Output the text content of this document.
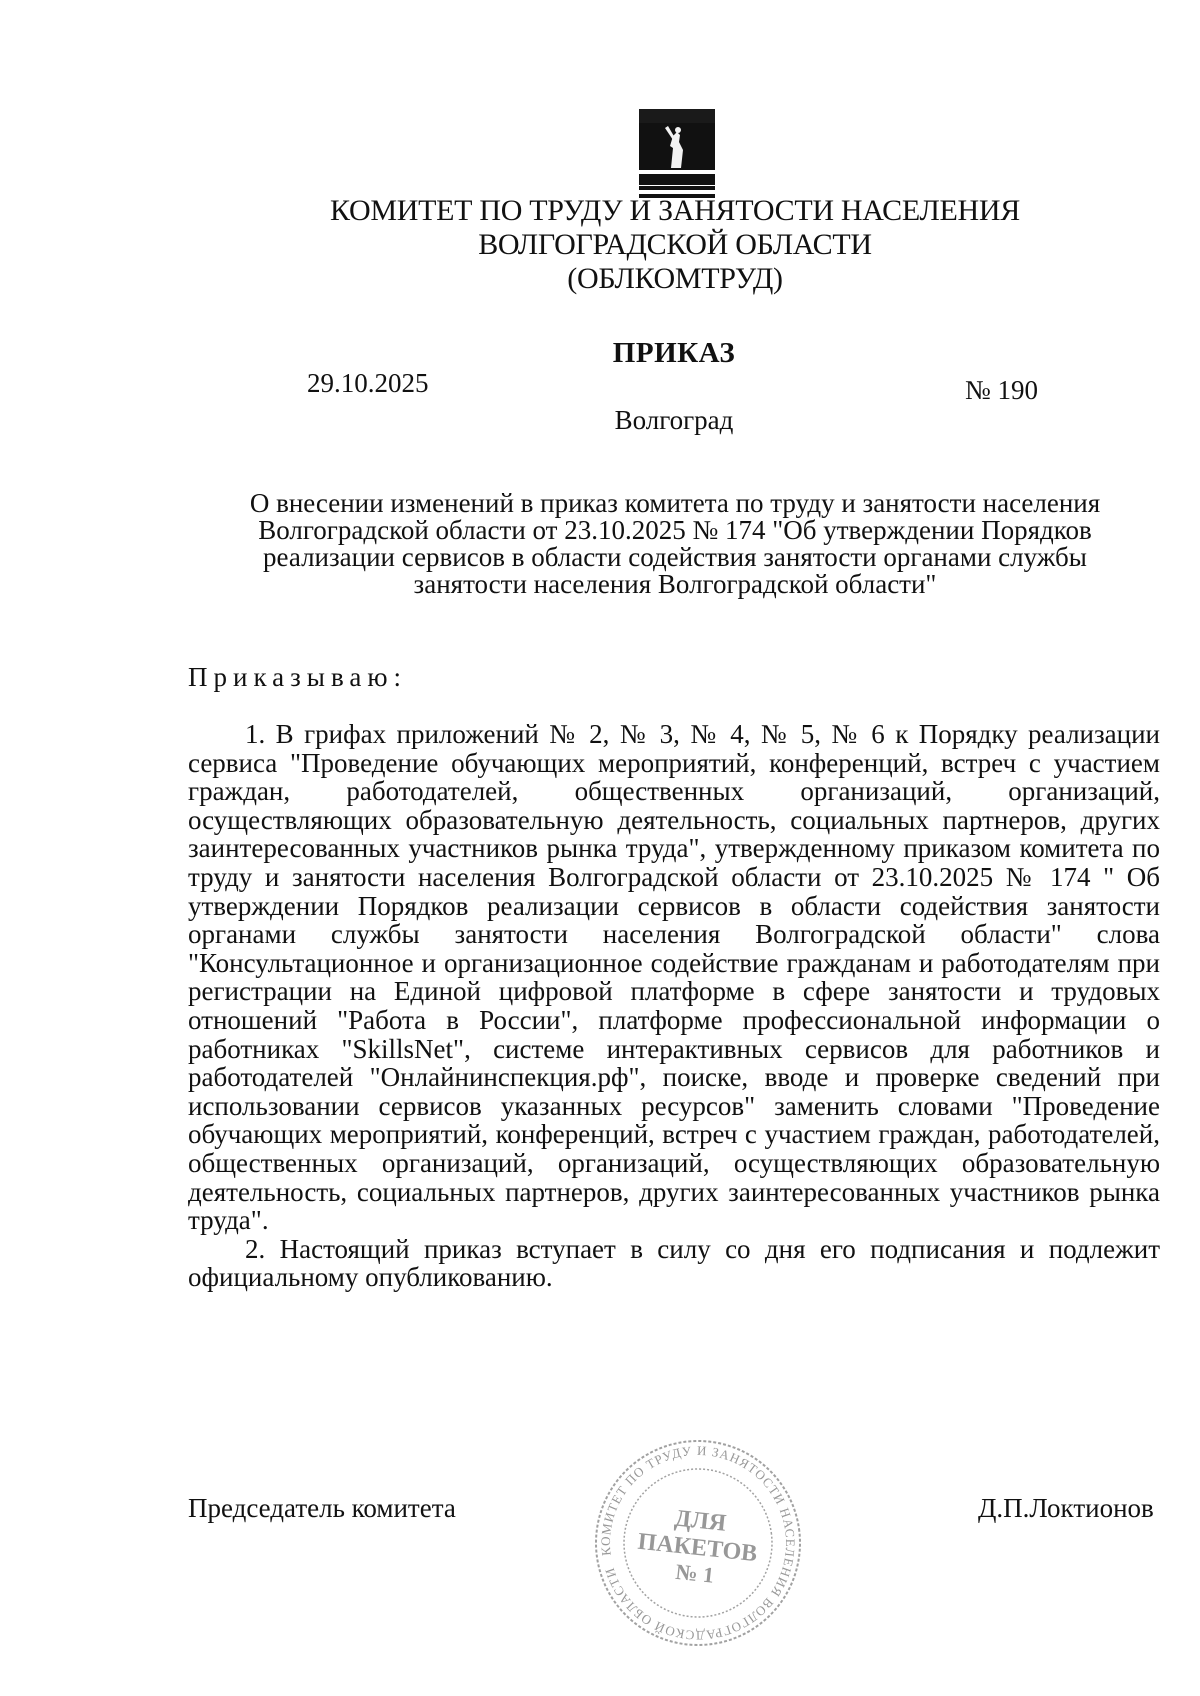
КОМИТЕТ ПО ТРУДУ И ЗАНЯТОСТИ НАСЕЛЕНИЯ
ВОЛГОГРАДСКОЙ ОБЛАСТИ
(ОБЛКОМТРУД)
ПРИКАЗ
29.10.2025	№ 190
Волгоград
О внесении изменений в приказ комитета по труду и занятости населения
Волгоградской области от 23.10.2025 № 174 "Об утверждении Порядков
реализации сервисов в области содействия занятости органами службы
занятости населения Волгоградской области"
Приказываю:

1. В грифах приложений № 2, № 3, № 4, № 5, № 6 к Порядку реализации сервиса "Проведение обучающих мероприятий, конференций, встреч с участием граждан, работодателей, общественных организаций, организаций, осуществляющих образовательную деятельность, социальных партнеров, других заинтересованных участников рынка труда", утвержденному приказом комитета по труду и занятости населения Волгоградской области от 23.10.2025 № 174 " Об утверждении Порядков реализации сервисов в области содействия занятости органами службы занятости населения Волгоградской области" слова "Консультационное и организационное содействие гражданам и работодателям при регистрации на Единой цифровой платформе в сфере занятости и трудовых отношений "Работа в России", платформе профессиональной информации о работниках "SkillsNet", системе интерактивных сервисов для работников и работодателей "Онлайнинспекция.рф", поиске, вводе и проверке сведений при использовании сервисов указанных ресурсов" заменить словами "Проведение обучающих мероприятий, конференций, встреч с участием граждан, работодателей, общественных организаций, организаций, осуществляющих образовательную деятельность, социальных партнеров, других заинтересованных участников рынка труда".

2. Настоящий приказ вступает в силу со дня его подписания и подлежит официальному опубликованию.

Председатель комитета	Д.П.Локтионов
КОМИТЕТ ПО ТРУДУ И ЗАНЯТОСТИ НАСЕЛЕНИЯ ВОЛГОГРАДСКОЙ ОБЛАСТИ
ДЛЯ
ПАКЕТОВ
№ 1
